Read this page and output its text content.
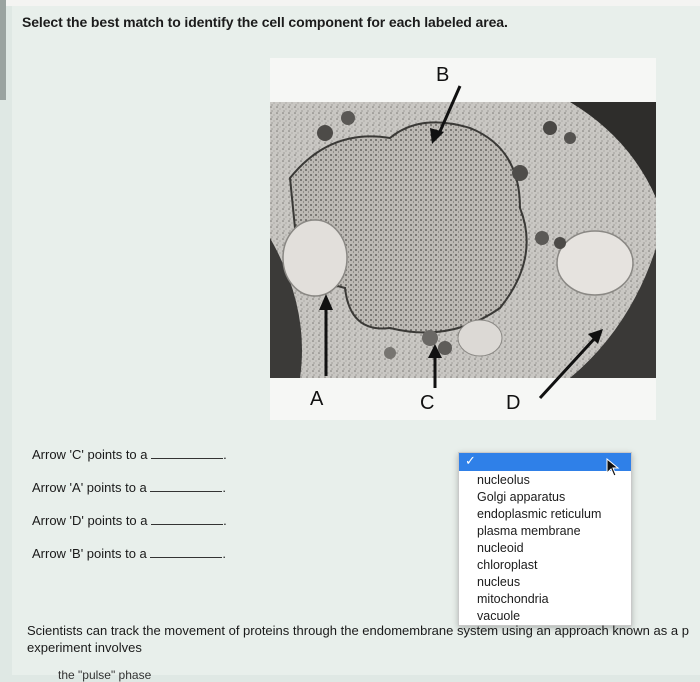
Select the best match to identify the cell component for each labeled area.
B
A	C	D
Arrow 'C' points to a	.
Arrow 'A' points to a	.
Arrow 'D' points to a	.
Arrow 'B' points to a	.
✓
nucleolus
Golgi apparatus
endoplasmic reticulum
plasma membrane
nucleoid
chloroplast
nucleus
mitochondria
vacuole
Scientists can track the movement of proteins through the endomembrane system using an approach known as a p
experiment involves
the "pulse" phase
